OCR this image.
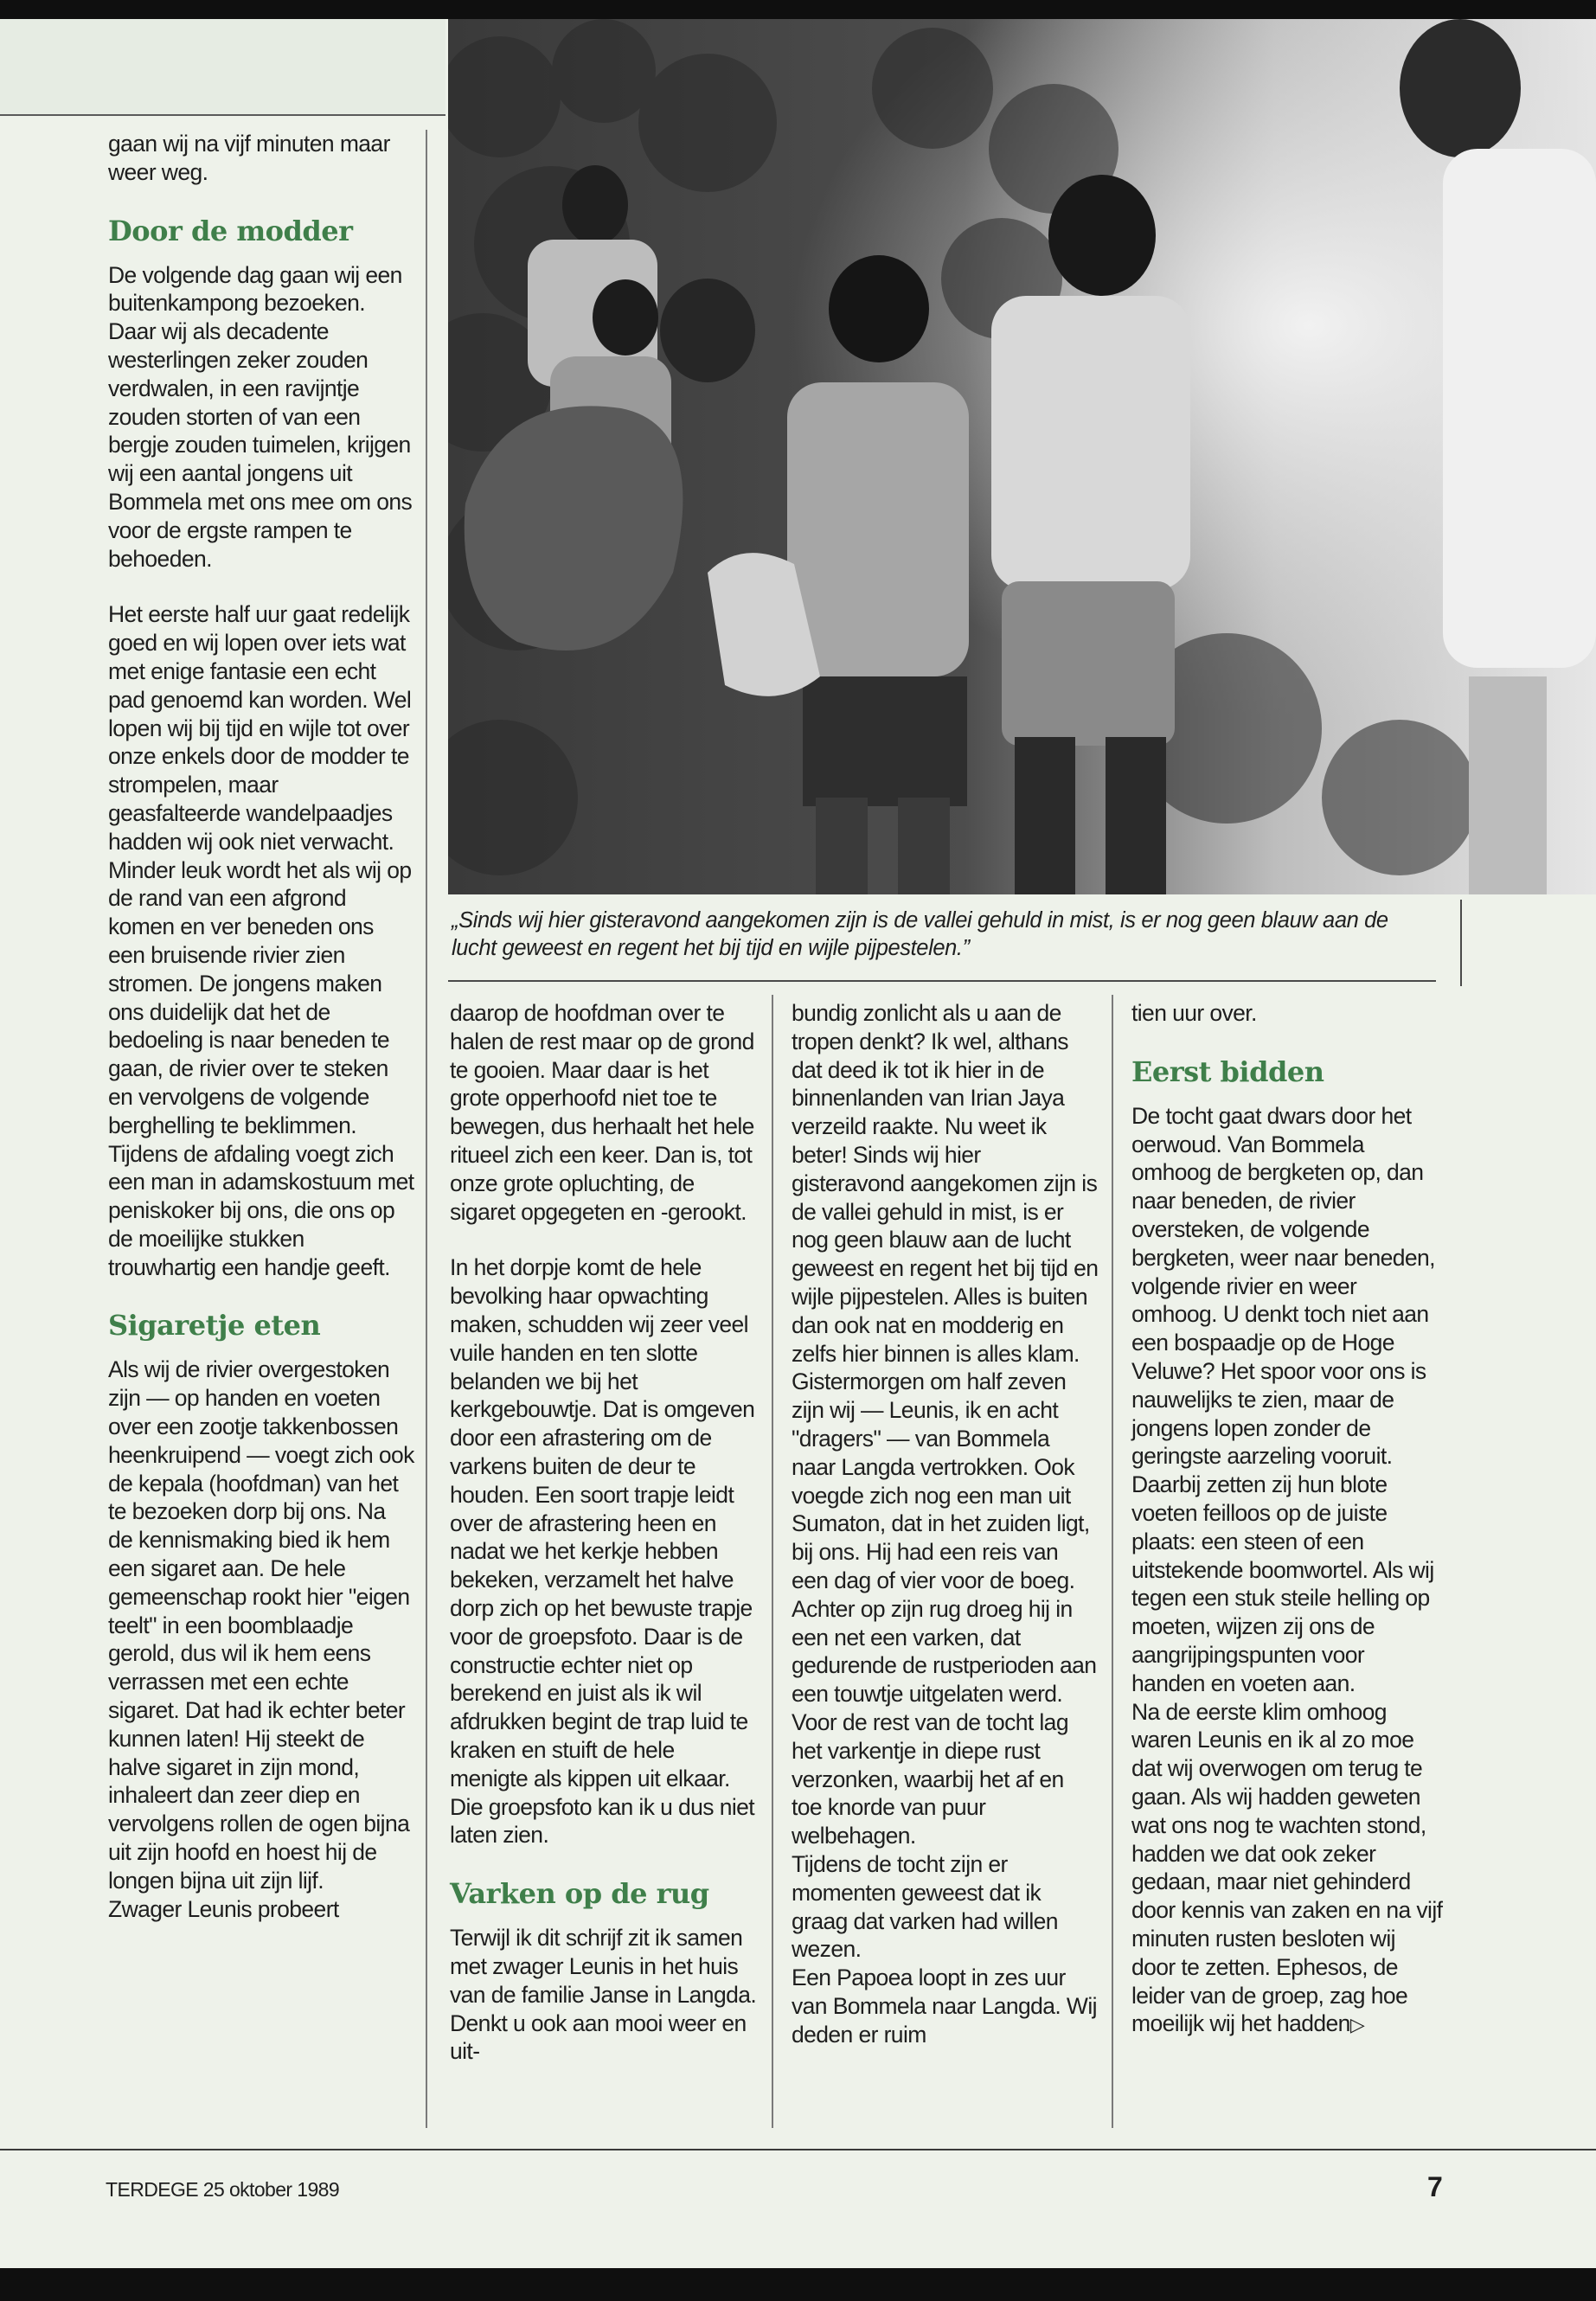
„Sinds wij hier gisteravond aangekomen zijn is de vallei gehuld in mist, is er nog geen blauw aan de lucht geweest en regent het bij tijd en wijle pijpestelen.”

gaan wij na vijf minuten maar weer weg.

Door de modder

De volgende dag gaan wij een buitenkampong bezoeken. Daar wij als decadente westerlingen zeker zouden verdwalen, in een ravijntje zouden storten of van een bergje zouden tuimelen, krijgen wij een aantal jongens uit Bommela met ons mee om ons voor de ergste rampen te behoeden.

Het eerste half uur gaat redelijk goed en wij lopen over iets wat met enige fantasie een echt pad genoemd kan worden. Wel lopen wij bij tijd en wijle tot over onze enkels door de modder te strompelen, maar geasfalteerde wandelpaadjes hadden wij ook niet verwacht. Minder leuk wordt het als wij op de rand van een afgrond komen en ver beneden ons een bruisende rivier zien stromen. De jongens maken ons duidelijk dat het de bedoeling is naar beneden te gaan, de rivier over te steken en vervolgens de volgende berghelling te beklimmen. Tijdens de afdaling voegt zich een man in adamskostuum met peniskoker bij ons, die ons op de moeilijke stukken trouwhartig een handje geeft.

Sigaretje eten

Als wij de rivier overgestoken zijn — op handen en voeten over een zootje takkenbossen heenkruipend — voegt zich ook de kepala (hoofdman) van het te bezoeken dorp bij ons. Na de kennismaking bied ik hem een sigaret aan. De hele gemeenschap rookt hier "eigen teelt" in een boomblaadje gerold, dus wil ik hem eens verrassen met een echte sigaret. Dat had ik echter beter kunnen laten! Hij steekt de halve sigaret in zijn mond, inhaleert dan zeer diep en vervolgens rollen de ogen bijna uit zijn hoofd en hoest hij de longen bijna uit zijn lijf.

Zwager Leunis probeert

daarop de hoofdman over te halen de rest maar op de grond te gooien. Maar daar is het grote opperhoofd niet toe te bewegen, dus herhaalt het hele ritueel zich een keer. Dan is, tot onze grote opluchting, de sigaret opgegeten en -gerookt.

In het dorpje komt de hele bevolking haar opwachting maken, schudden wij zeer veel vuile handen en ten slotte belanden we bij het kerkgebouwtje. Dat is omgeven door een afrastering om de varkens buiten de deur te houden. Een soort trapje leidt over de afrastering heen en nadat we het kerkje hebben bekeken, verzamelt het halve dorp zich op het bewuste trapje voor de groepsfoto. Daar is de constructie echter niet op berekend en juist als ik wil afdrukken begint de trap luid te kraken en stuift de hele menigte als kippen uit elkaar. Die groepsfoto kan ik u dus niet laten zien.

Varken op de rug

Terwijl ik dit schrijf zit ik samen met zwager Leunis in het huis van de familie Janse in Langda. Denkt u ook aan mooi weer en uit-

bundig zonlicht als u aan de tropen denkt? Ik wel, althans dat deed ik tot ik hier in de binnenlanden van Irian Jaya verzeild raakte. Nu weet ik beter! Sinds wij hier gisteravond aangekomen zijn is de vallei gehuld in mist, is er nog geen blauw aan de lucht geweest en regent het bij tijd en wijle pijpestelen. Alles is buiten dan ook nat en modderig en zelfs hier binnen is alles klam.

Gistermorgen om half zeven zijn wij — Leunis, ik en acht "dragers" — van Bommela naar Langda vertrokken. Ook voegde zich nog een man uit Sumaton, dat in het zuiden ligt, bij ons. Hij had een reis van een dag of vier voor de boeg. Achter op zijn rug droeg hij in een net een varken, dat gedurende de rustperioden aan een touwtje uitgelaten werd. Voor de rest van de tocht lag het varkentje in diepe rust verzonken, waarbij het af en toe knorde van puur welbehagen.

Tijdens de tocht zijn er momenten geweest dat ik graag dat varken had willen wezen.

Een Papoea loopt in zes uur van Bommela naar Langda. Wij deden er ruim

tien uur over.

Eerst bidden

De tocht gaat dwars door het oerwoud. Van Bommela omhoog de bergketen op, dan naar beneden, de rivier oversteken, de volgende bergketen, weer naar beneden, volgende rivier en weer omhoog. U denkt toch niet aan een bospaadje op de Hoge Veluwe? Het spoor voor ons is nauwelijks te zien, maar de jongens lopen zonder de geringste aarzeling vooruit. Daarbij zetten zij hun blote voeten feilloos op de juiste plaats: een steen of een uitstekende boomwortel. Als wij tegen een stuk steile helling op moeten, wijzen zij ons de aangrijpingspunten voor handen en voeten aan.

Na de eerste klim omhoog waren Leunis en ik al zo moe dat wij overwogen om terug te gaan. Als wij hadden geweten wat ons nog te wachten stond, hadden we dat ook zeker gedaan, maar niet gehinderd door kennis van zaken en na vijf minuten rusten besloten wij door te zetten. Ephesos, de leider van de groep, zag hoe moeilijk wij het hadden▷

TERDEGE 25 oktober 1989	7
